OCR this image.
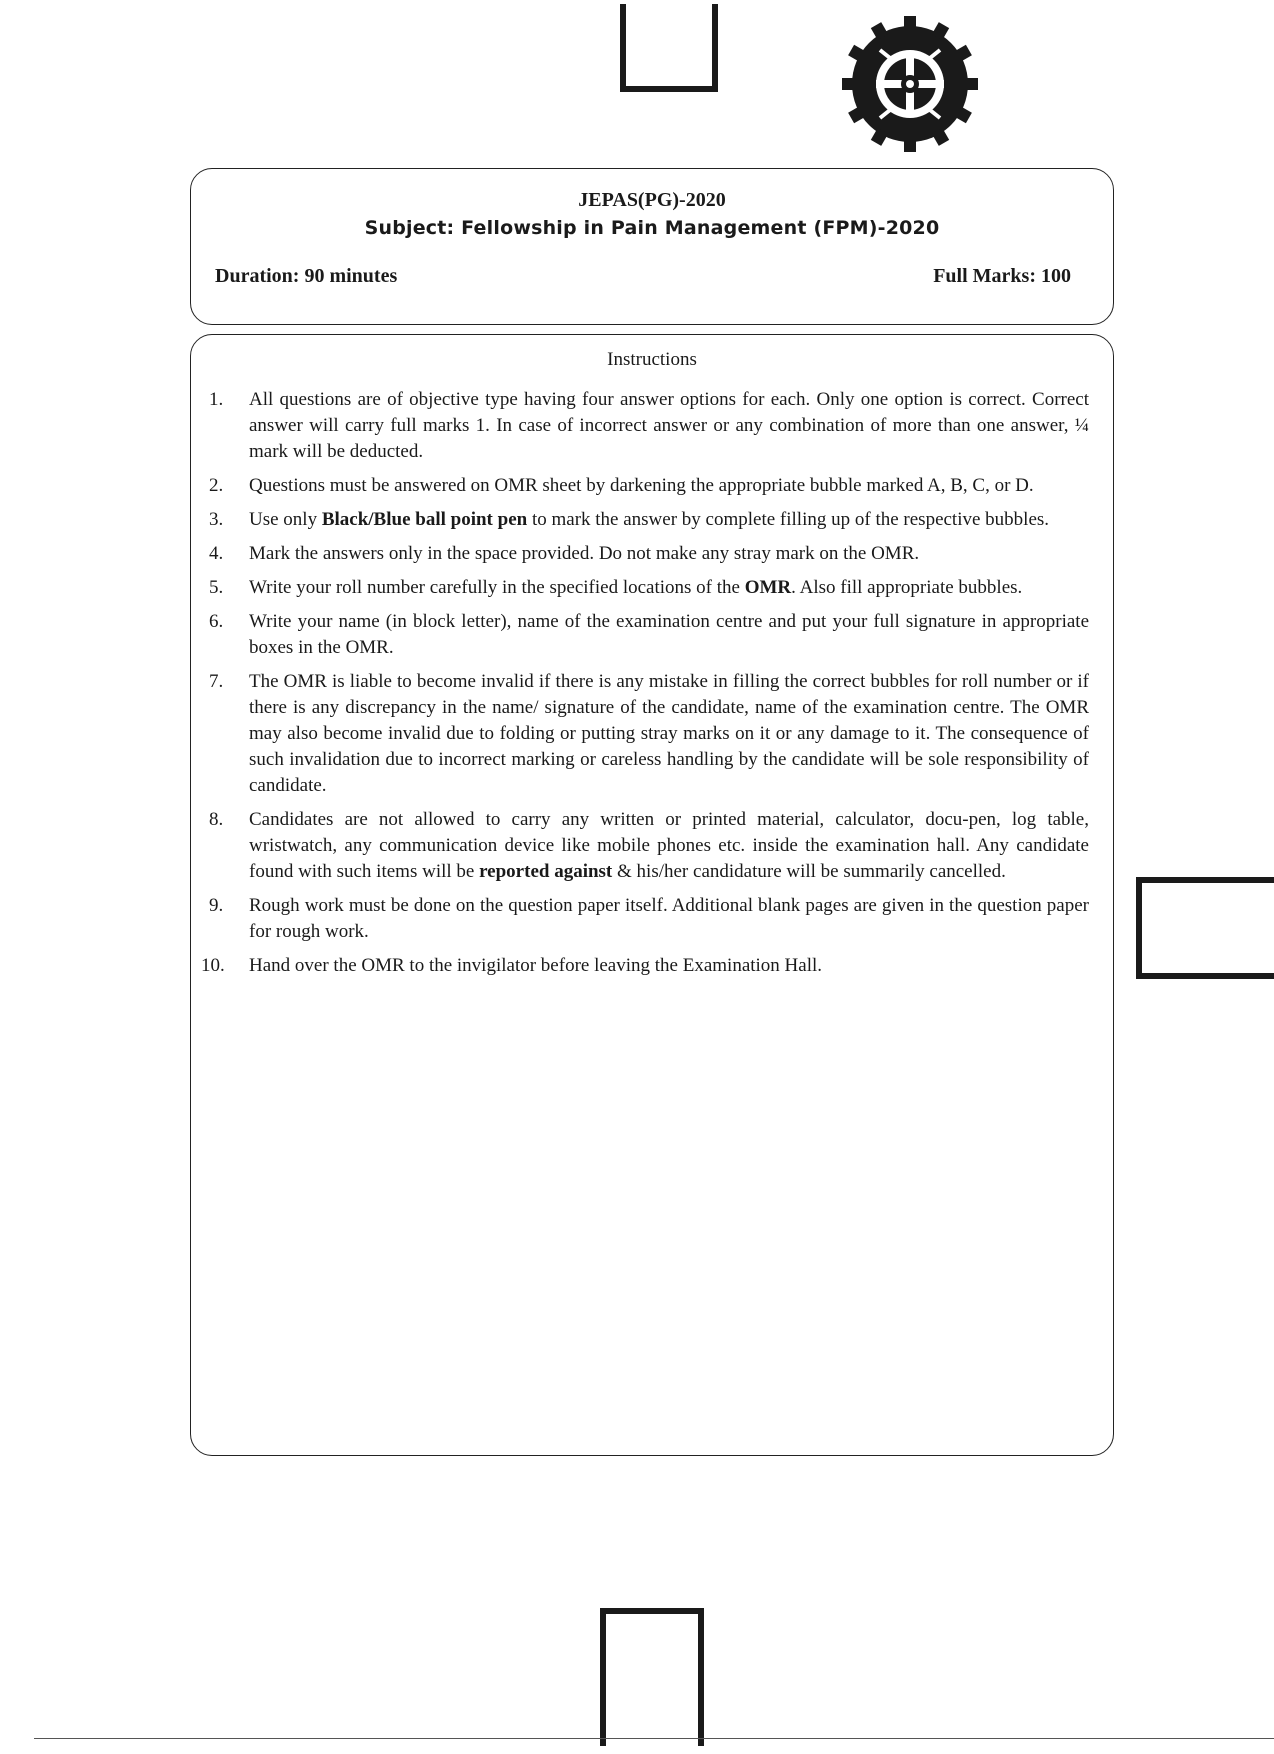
JEPAS(PG)-2020
Subject: Fellowship in Pain Management (FPM)-2020
Duration: 90 minutes	Full Marks: 100
Instructions
1.	All questions are of objective type having four answer options for each. Only one option is correct. Correct answer will carry full marks 1. In case of incorrect answer or any combination of more than one answer, ¼ mark will be deducted.
2.	Questions must be answered on OMR sheet by darkening the appropriate bubble marked A, B, C, or D.
3.	Use only Black/Blue ball point pen to mark the answer by complete filling up of the respective bubbles.
4.	Mark the answers only in the space provided. Do not make any stray mark on the OMR.
5.	Write your roll number carefully in the specified locations of the OMR. Also fill appropriate bubbles.
6.	Write your name (in block letter), name of the examination centre and put your full signature in appropriate boxes in the OMR.
7.	The OMR is liable to become invalid if there is any mistake in filling the correct bubbles for roll number or if there is any discrepancy in the name/ signature of the candidate, name of the examination centre. The OMR may also become invalid due to folding or putting stray marks on it or any damage to it. The consequence of such invalidation due to incorrect marking or careless handling by the candidate will be sole responsibility of candidate.
8.	Candidates are not allowed to carry any written or printed material, calculator, docu-pen, log table, wristwatch, any communication device like mobile phones etc. inside the examination hall. Any candidate found with such items will be reported against & his/her candidature will be summarily cancelled.
9.	Rough work must be done on the question paper itself. Additional blank pages are given in the question paper for rough work.
10.	Hand over the OMR to the invigilator before leaving the Examination Hall.
